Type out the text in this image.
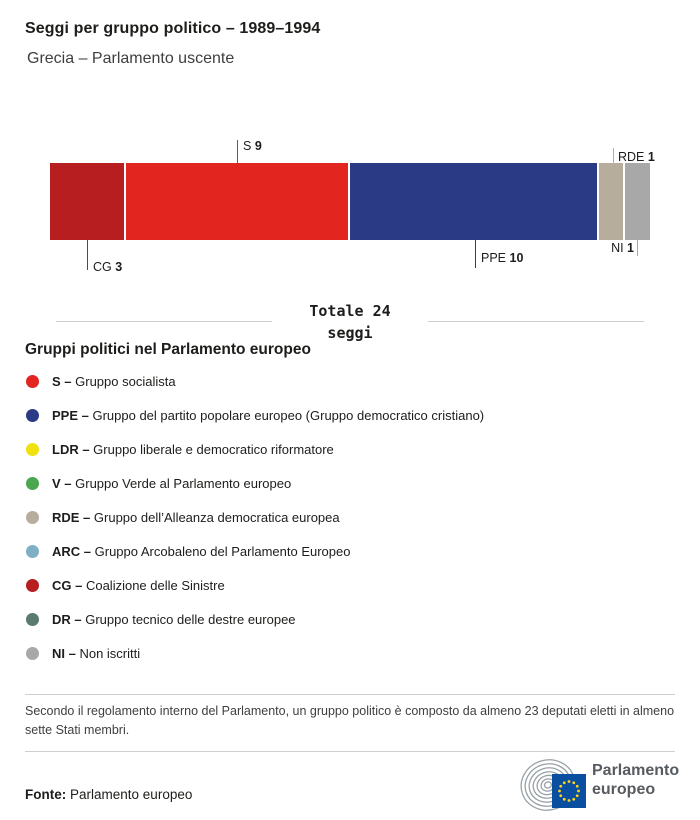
Seggi per gruppo politico – 1989–1994
Grecia – Parlamento uscente
S 9
RDE 1
CG 3
PPE 10
NI 1
Totale 24
seggi
Gruppi politici nel Parlamento europeo
S – Gruppo socialista
PPE – Gruppo del partito popolare europeo (Gruppo democratico cristiano)
LDR – Gruppo liberale e democratico riformatore
V – Gruppo Verde al Parlamento europeo
RDE – Gruppo dell’Alleanza democratica europea
ARC – Gruppo Arcobaleno del Parlamento Europeo
CG – Coalizione delle Sinistre
DR – Gruppo tecnico delle destre europee
NI – Non iscritti
Secondo il regolamento interno del Parlamento, un gruppo politico è composto da almeno 23 deputati eletti in almeno sette Stati membri.
Fonte: Parlamento europeo
Parlamento
europeo
